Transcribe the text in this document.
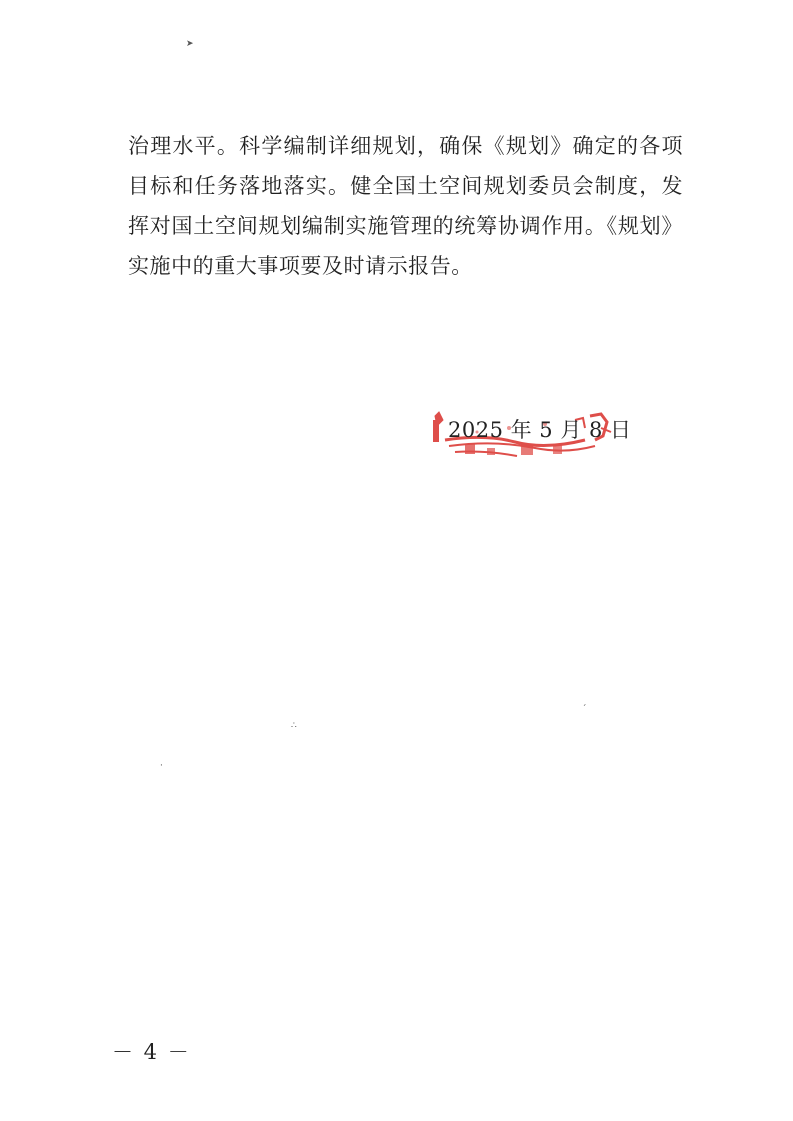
➤
∴
·
ˊ

治理水平。科学编制详细规划，确保《规划》确定的各项目标和任务落地落实。健全国土空间规划委员会制度，发挥对国土空间规划编制实施管理的统筹协调作用。《规划》实施中的重大事项要及时请示报告。

2025 年 5 月 8 日
－ 4 －
